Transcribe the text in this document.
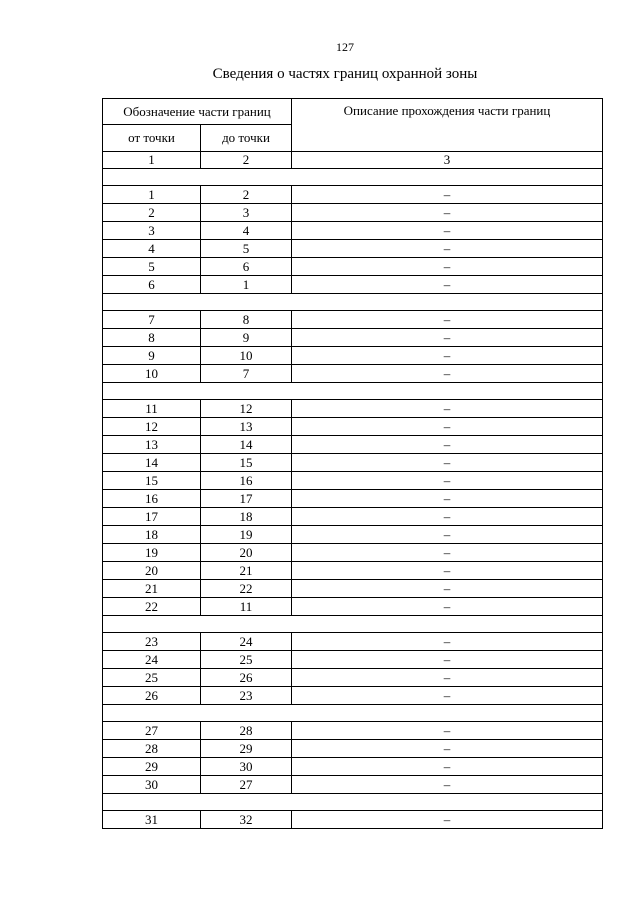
127
Сведения о частях границ охранной зоны
Обозначение части границ		Описание прохождения части границ
от точки	до точки	
1	2	3

1	2	–
2	3	–
3	4	–
4	5	–
5	6	–
6	1	–

7	8	–
8	9	–
9	10	–
10	7	–

11	12	–
12	13	–
13	14	–
14	15	–
15	16	–
16	17	–
17	18	–
18	19	–
19	20	–
20	21	–
21	22	–
22	11	–

23	24	–
24	25	–
25	26	–
26	23	–

27	28	–
28	29	–
29	30	–
30	27	–

31	32	–
